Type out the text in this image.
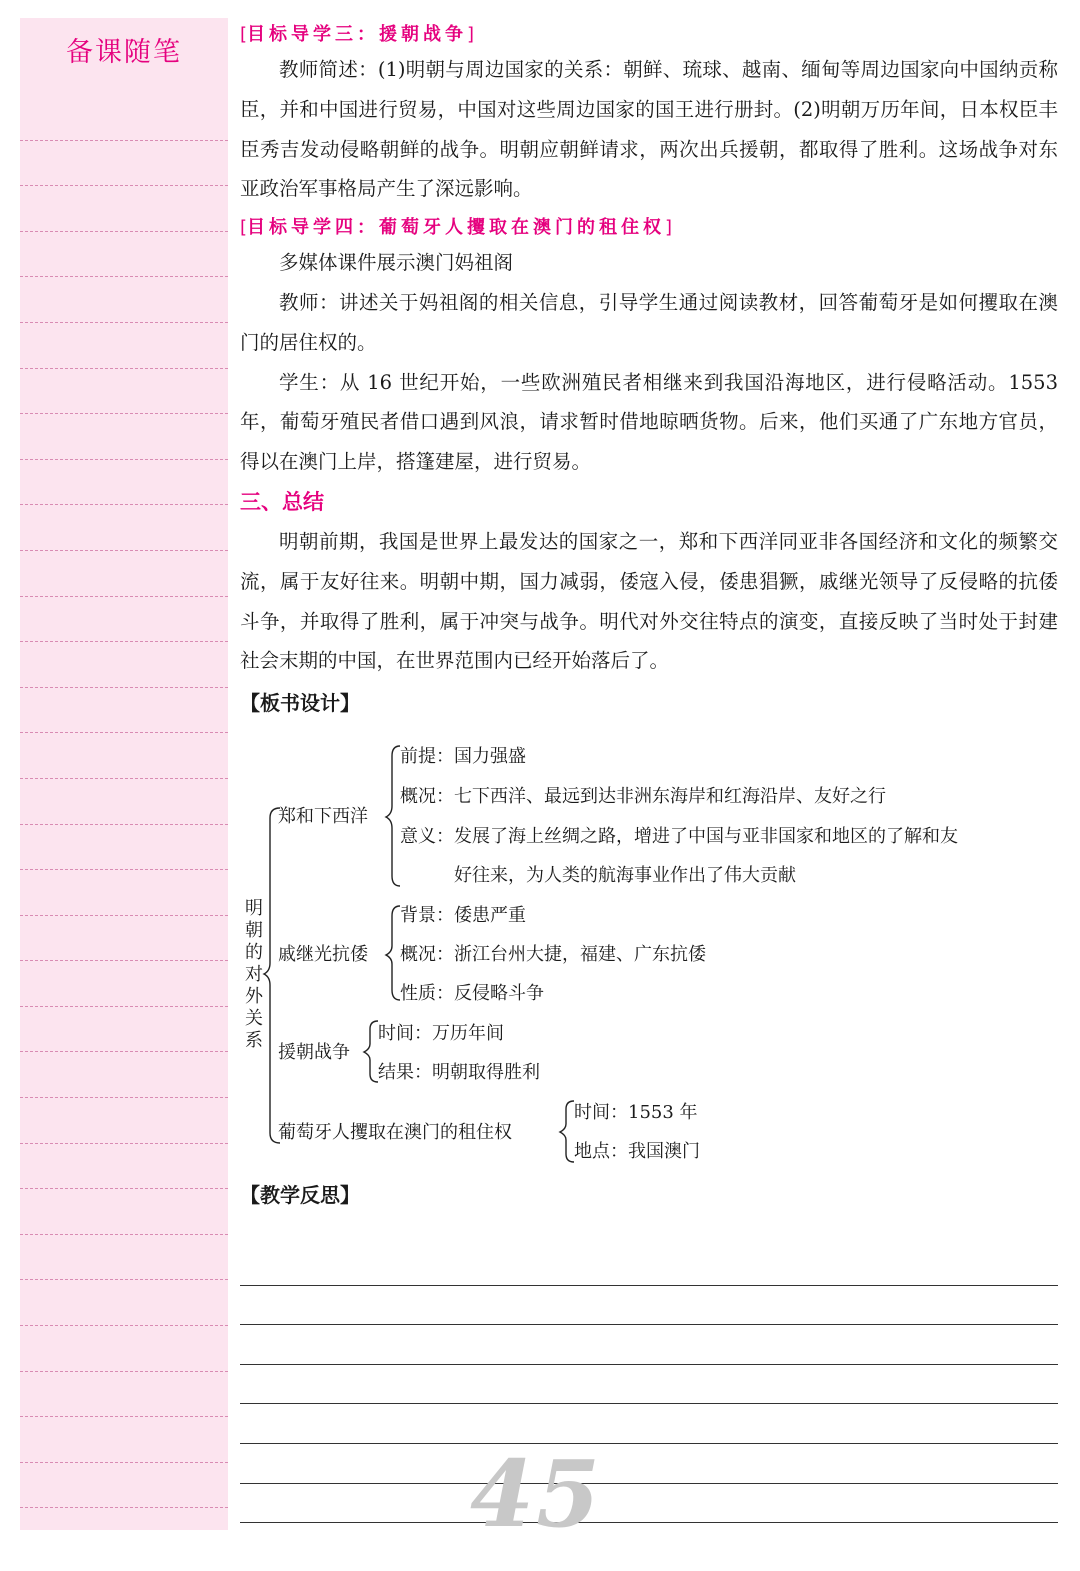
备课随笔
[目标导学三：援朝战争]

教师简述：(1)明朝与周边国家的关系：朝鲜、琉球、越南、缅甸等周边国家向中国纳贡称臣，并和中国进行贸易，中国对这些周边国家的国王进行册封。(2)明朝万历年间，日本权臣丰臣秀吉发动侵略朝鲜的战争。明朝应朝鲜请求，两次出兵援朝，都取得了胜利。这场战争对东亚政治军事格局产生了深远影响。

[目标导学四：葡萄牙人攫取在澳门的租住权]

多媒体课件展示澳门妈祖阁

教师：讲述关于妈祖阁的相关信息，引导学生通过阅读教材，回答葡萄牙是如何攫取在澳门的居住权的。

学生：从 16 世纪开始，一些欧洲殖民者相继来到我国沿海地区，进行侵略活动。1553 年，葡萄牙殖民者借口遇到风浪，请求暂时借地晾晒货物。后来，他们买通了广东地方官员，得以在澳门上岸，搭篷建屋，进行贸易。

三、总结

明朝前期，我国是世界上最发达的国家之一，郑和下西洋同亚非各国经济和文化的频繁交流，属于友好往来。明朝中期，国力减弱，倭寇入侵，倭患猖獗，戚继光领导了反侵略的抗倭斗争，并取得了胜利，属于冲突与战争。明代对外交往特点的演变，直接反映了当时处于封建社会末期的中国，在世界范围内已经开始落后了。

【板书设计】
明朝的对外关系
郑和下西洋
前提：国力强盛
概况：七下西洋、最远到达非洲东海岸和红海沿岸、友好之行
意义：发展了海上丝绸之路，增进了中国与亚非国家和地区的了解和友
好往来，为人类的航海事业作出了伟大贡献
戚继光抗倭
背景：倭患严重
概况：浙江台州大捷，福建、广东抗倭
性质：反侵略斗争
援朝战争
时间：万历年间
结果：明朝取得胜利
葡萄牙人攫取在澳门的租住权
时间：1553 年
地点：我国澳门
【教学反思】
45
